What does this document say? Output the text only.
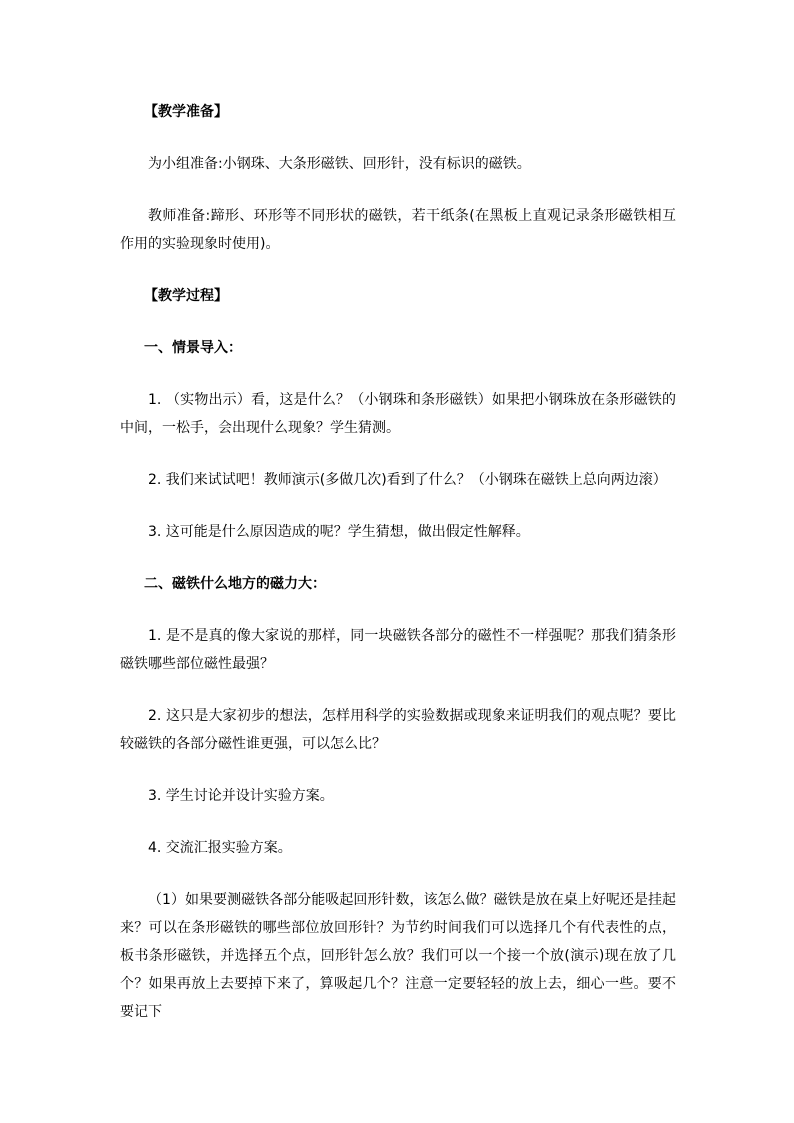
【教学准备】

为小组准备:小钢珠、大条形磁铁、回形针，没有标识的磁铁。

教师准备:蹄形、环形等不同形状的磁铁，若干纸条(在黑板上直观记录条形磁铁相互作用的实验现象时使用)。

【教学过程】
一、情景导入：

1. （实物出示）看，这是什么？（小钢珠和条形磁铁）如果把小钢珠放在条形磁铁的中间，一松手，会出现什么现象？学生猜测。

2. 我们来试试吧！教师演示(多做几次)看到了什么？（小钢珠在磁铁上总向两边滚）

3. 这可能是什么原因造成的呢？学生猜想，做出假定性解释。

二、磁铁什么地方的磁力大：

1. 是不是真的像大家说的那样，同一块磁铁各部分的磁性不一样强呢？那我们猜条形磁铁哪些部位磁性最强？

2. 这只是大家初步的想法，怎样用科学的实验数据或现象来证明我们的观点呢？要比较磁铁的各部分磁性谁更强，可以怎么比？

3. 学生讨论并设计实验方案。

4. 交流汇报实验方案。

（1）如果要测磁铁各部分能吸起回形针数，该怎么做？磁铁是放在桌上好呢还是挂起来？可以在条形磁铁的哪些部位放回形针？为节约时间我们可以选择几个有代表性的点，板书条形磁铁，并选择五个点，回形针怎么放？我们可以一个接一个放(演示)现在放了几个？如果再放上去要掉下来了，算吸起几个？注意一定要轻轻的放上去，细心一些。要不要记下
